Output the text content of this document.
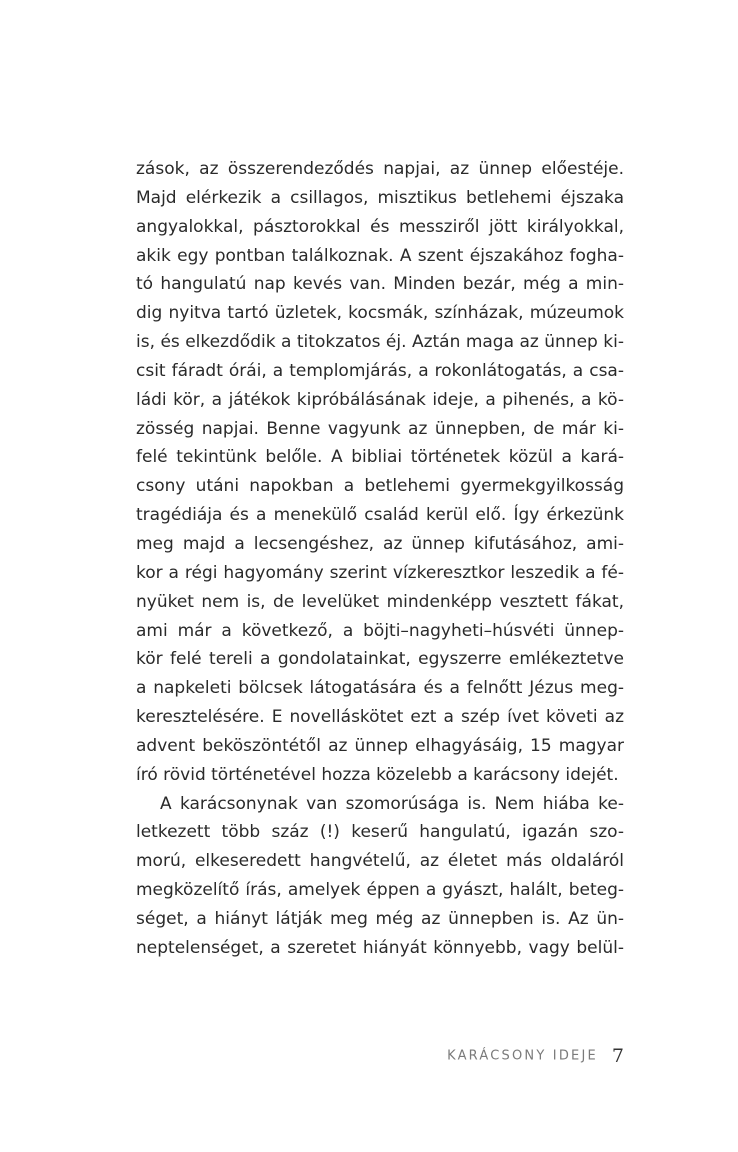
zások, az összerendeződés napjai, az ünnep előestéje.
Majd elérkezik a csillagos, misztikus betlehemi éjszaka
angyalokkal, pásztorokkal és messziről jött királyokkal,
akik egy pontban találkoznak. A szent éjszakához fogha-
tó hangulatú nap kevés van. Minden bezár, még a min-
dig nyitva tartó üzletek, kocsmák, színházak, múzeumok
is, és elkezdődik a titokzatos éj. Aztán maga az ünnep ki-
csit fáradt órái, a templomjárás, a rokonlátogatás, a csa-
ládi kör, a játékok kipróbálásának ideje, a pihenés, a kö-
zösség napjai. Benne vagyunk az ünnepben, de már ki-
felé tekintünk belőle. A bibliai történetek közül a kará-
csony utáni napokban a betlehemi gyermekgyilkosság
tragédiája és a menekülő család kerül elő. Így érkezünk
meg majd a lecsengéshez, az ünnep kifutásához, ami-
kor a régi hagyomány szerint vízkeresztkor leszedik a fé-
nyüket nem is, de levelüket mindenképp vesztett fákat,
ami már a következő, a böjti–nagyheti–húsvéti ünnep-
kör felé tereli a gondolatainkat, egyszerre emlékeztetve
a napkeleti bölcsek látogatására és a felnőtt Jézus meg-
keresztelésére. E novelláskötet ezt a szép ívet követi az
advent beköszöntétől az ünnep elhagyásáig, 15 magyar
író rövid történetével hozza közelebb a karácsony idejét.
A karácsonynak van szomorúsága is. Nem hiába ke-
letkezett több száz (!) keserű hangulatú, igazán szo-
morú, elkeseredett hangvételű, az életet más oldaláról
megközelítő írás, amelyek éppen a gyászt, halált, beteg-
séget, a hiányt látják meg még az ünnepben is. Az ün-
neptelenséget, a szeretet hiányát könnyebb, vagy belül-
KARÁCSONY IDEJE 7
